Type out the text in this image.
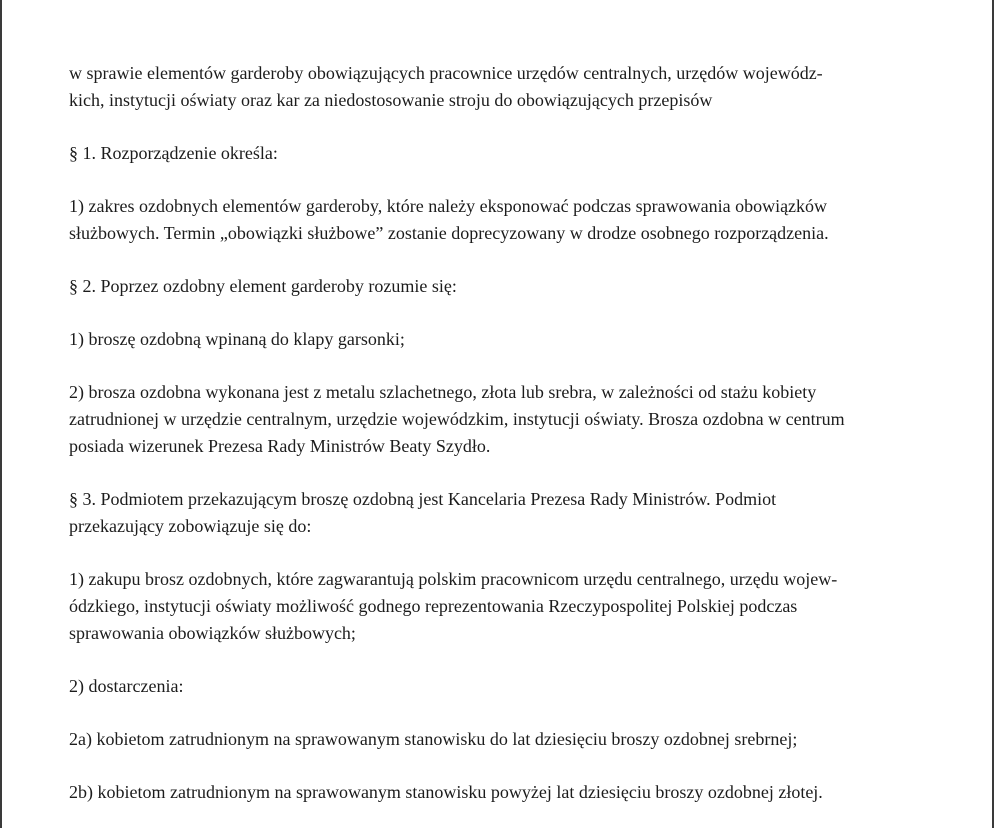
w sprawie elementów garderoby obowiązujących pracownice urzędów centralnych, urzędów wojewódz-
kich, instytucji oświaty oraz kar za niedostosowanie stroju do obowiązujących przepisów

§ 1. Rozporządzenie określa:

1) zakres ozdobnych elementów garderoby, które należy eksponować podczas sprawowania obowiązków
służbowych. Termin „obowiązki służbowe” zostanie doprecyzowany w drodze osobnego rozporządzenia.

§ 2. Poprzez ozdobny element garderoby rozumie się:

1) broszę ozdobną wpinaną do klapy garsonki;

2) brosza ozdobna wykonana jest z metalu szlachetnego, złota lub srebra, w zależności od stażu kobiety
zatrudnionej w urzędzie centralnym, urzędzie wojewódzkim, instytucji oświaty. Brosza ozdobna w centrum
posiada wizerunek Prezesa Rady Ministrów Beaty Szydło.

§ 3. Podmiotem przekazującym broszę ozdobną jest Kancelaria Prezesa Rady Ministrów. Podmiot
przekazujący zobowiązuje się do:

1) zakupu brosz ozdobnych, które zagwarantują polskim pracownicom urzędu centralnego, urzędu wojew-
ódzkiego, instytucji oświaty możliwość godnego reprezentowania Rzeczypospolitej Polskiej podczas
sprawowania obowiązków służbowych;

2) dostarczenia:

2a) kobietom zatrudnionym na sprawowanym stanowisku do lat dziesięciu broszy ozdobnej srebrnej;

2b) kobietom zatrudnionym na sprawowanym stanowisku powyżej lat dziesięciu broszy ozdobnej złotej.
